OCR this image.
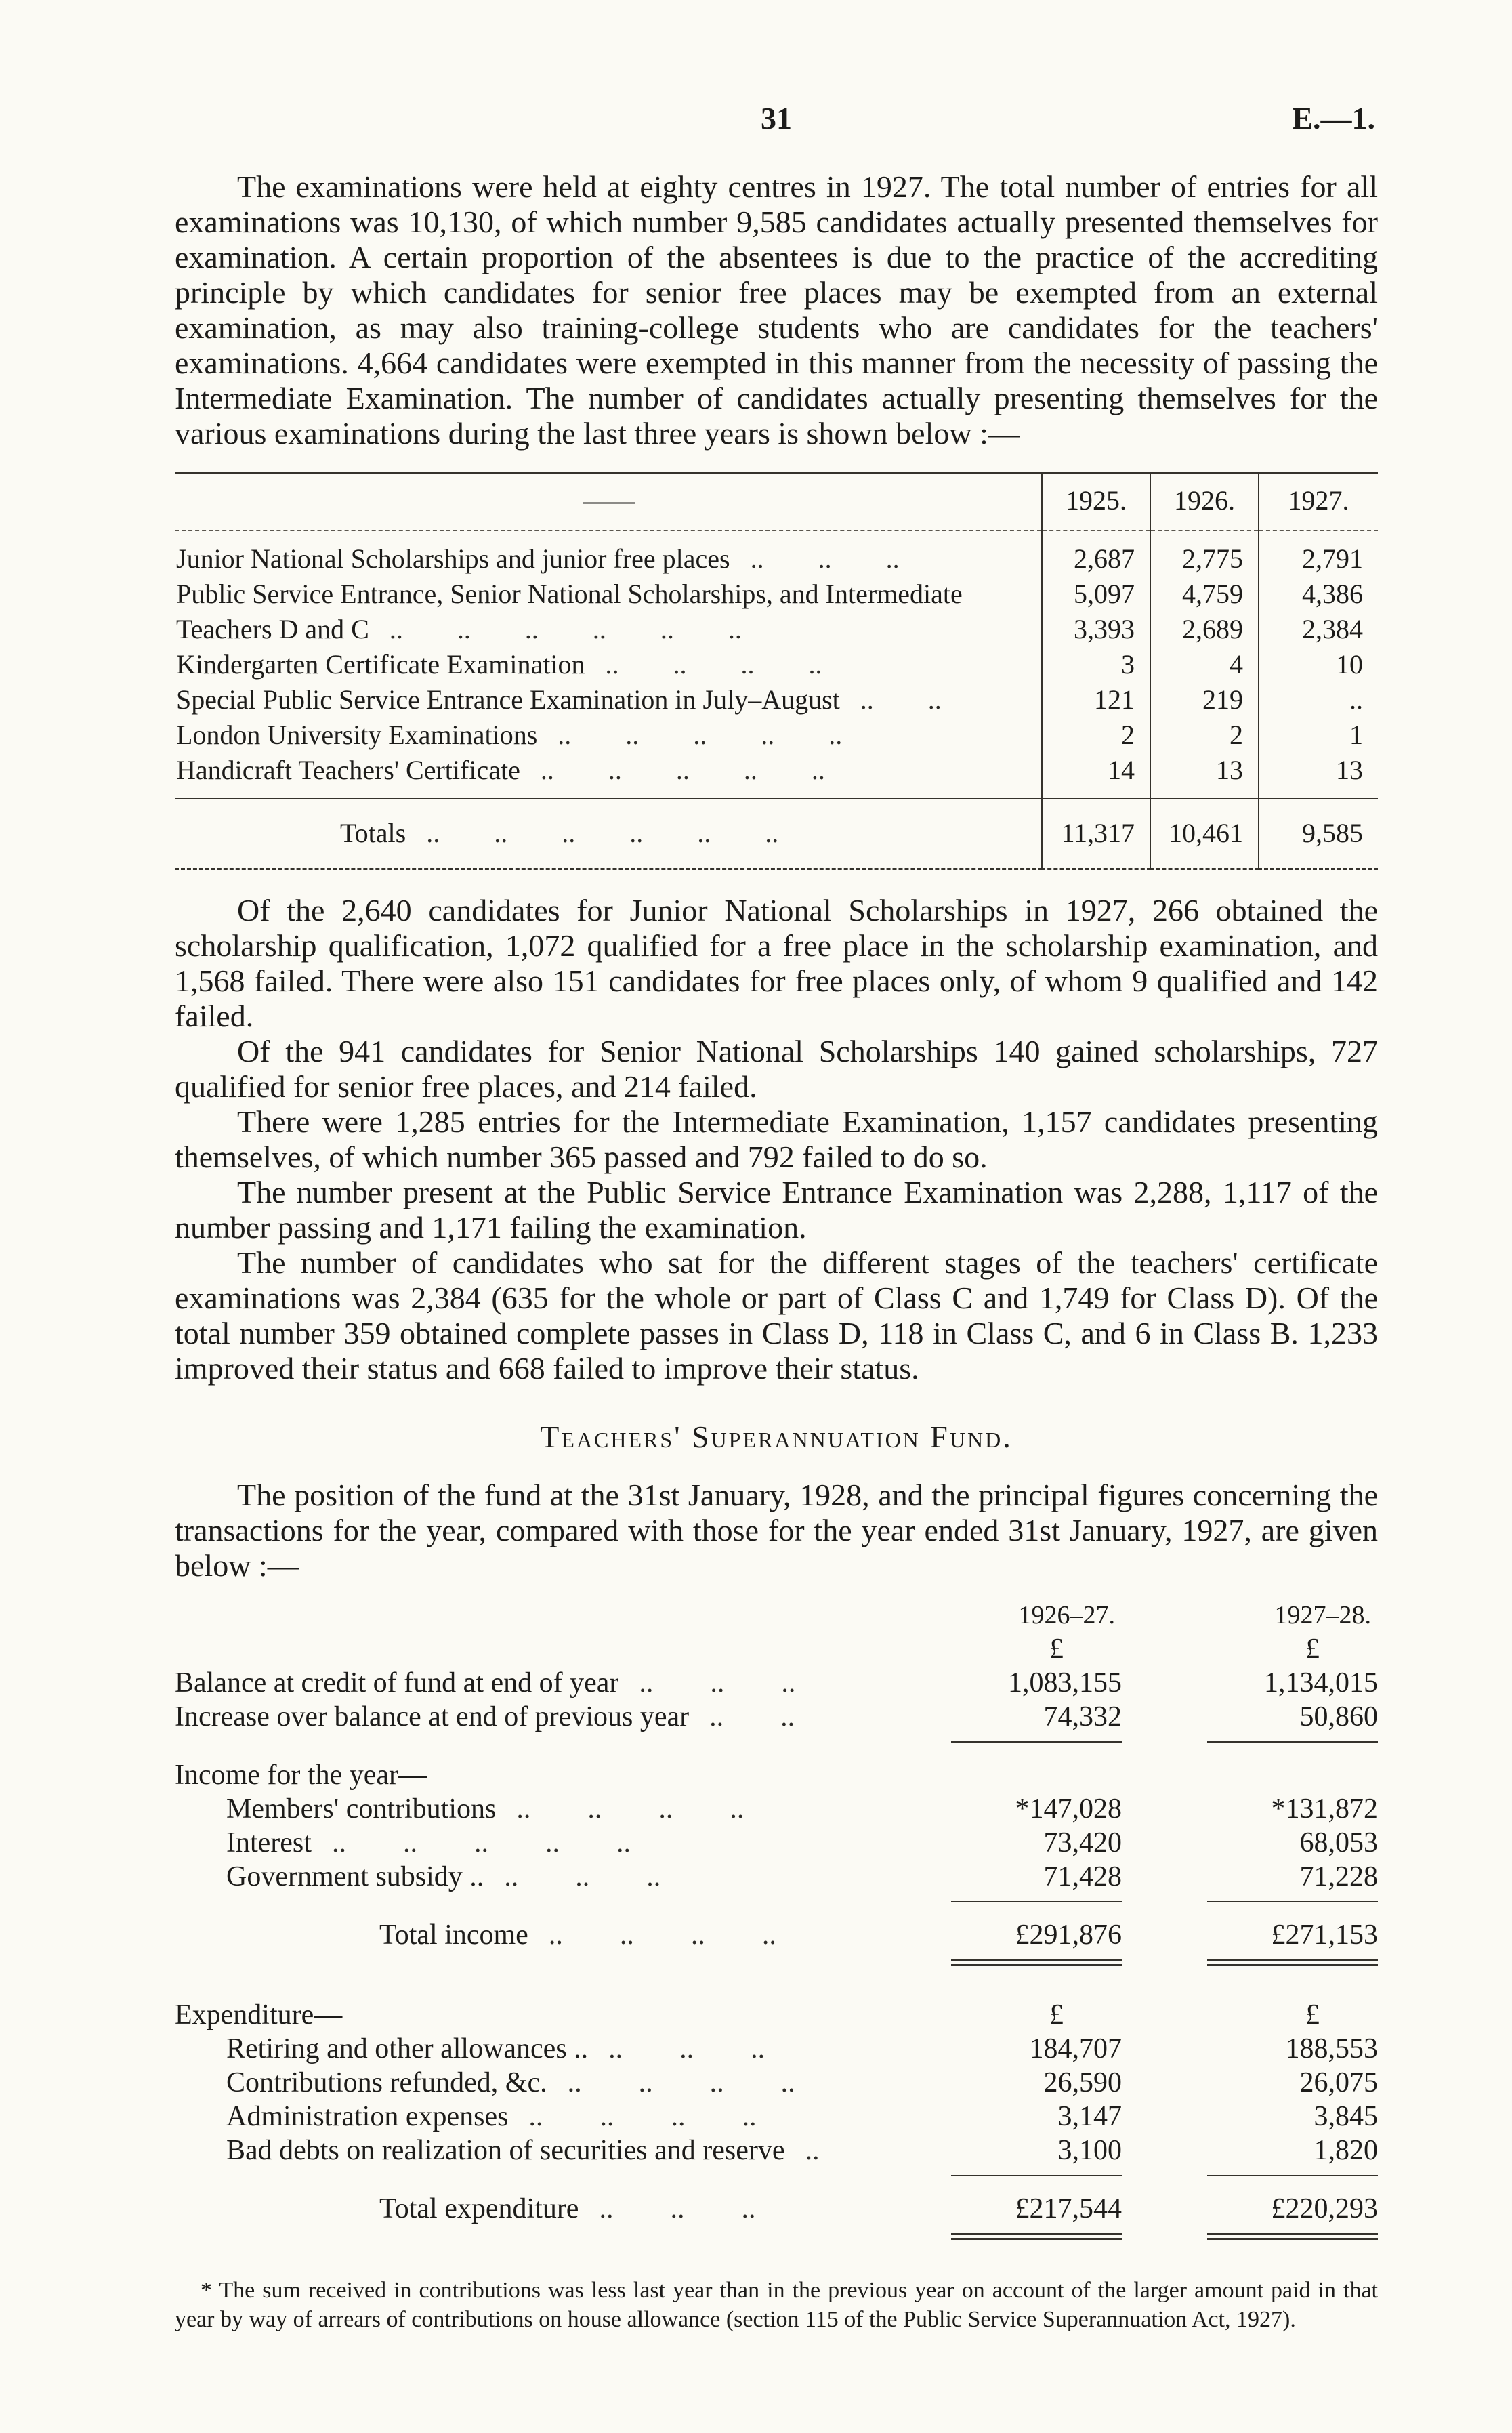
31	E.—1.

The examinations were held at eighty centres in 1927. The total number of entries for all examinations was 10,130, of which number 9,585 candidates actually presented themselves for examination. A certain proportion of the absentees is due to the practice of the accrediting principle by which candidates for senior free places may be exempted from an external examination, as may also training-college students who are candidates for the teachers' examinations. 4,664 candidates were exempted in this manner from the necessity of passing the Intermediate Examination. The number of candidates actually presenting themselves for the various examinations during the last three years is shown below :—

——	1925.	1926.	1927.
Junior National Scholarships and junior free places ..  ..  ..	2,687	2,775	2,791
Public Service Entrance, Senior National Scholarships, and Intermediate	5,097	4,759	4,386
Teachers D and C ..  ..  ..  ..  ..  ..	3,393	2,689	2,384
Kindergarten Certificate Examination ..  ..  ..  ..	3	4	10
Special Public Service Entrance Examination in July–August ..  ..	121	219	..
London University Examinations ..  ..  ..  ..  ..	2	2	1
Handicraft Teachers' Certificate ..  ..  ..  ..  ..	14	13	13
Totals ..  ..  ..  ..  ..  ..	11,317	10,461	9,585

Of the 2,640 candidates for Junior National Scholarships in 1927, 266 obtained the scholarship qualification, 1,072 qualified for a free place in the scholarship examination, and 1,568 failed. There were also 151 candidates for free places only, of whom 9 qualified and 142 failed.

Of the 941 candidates for Senior National Scholarships 140 gained scholarships, 727 qualified for senior free places, and 214 failed.

There were 1,285 entries for the Intermediate Examination, 1,157 candidates presenting themselves, of which number 365 passed and 792 failed to do so.

The number present at the Public Service Entrance Examination was 2,288, 1,117 of the number passing and 1,171 failing the examination.

The number of candidates who sat for the different stages of the teachers' certificate examinations was 2,384 (635 for the whole or part of Class C and 1,749 for Class D). Of the total number 359 obtained complete passes in Class D, 118 in Class C, and 6 in Class B. 1,233 improved their status and 668 failed to improve their status.

Teachers' Superannuation Fund.

The position of the fund at the 31st January, 1928, and the principal figures concerning the transactions for the year, compared with those for the year ended 31st January, 1927, are given below :—

1926–27.	1927–28.
£	£
Balance at credit of fund at end of year ..  ..  ..	1,083,155	1,134,015
Increase over balance at end of previous year ..  ..	74,332	50,860
Income for the year—
Members' contributions ..  ..  ..  ..	*147,028	*131,872
Interest ..  ..  ..  ..  ..	73,420	68,053
Government subsidy .. ..  ..  ..	71,428	71,228
Total income ..  ..  ..  ..	£291,876	£271,153
Expenditure—	£	£
Retiring and other allowances .. ..  ..  ..	184,707	188,553
Contributions refunded, &c. ..  ..  ..  ..	26,590	26,075
Administration expenses ..  ..  ..  ..	3,147	3,845
Bad debts on realization of securities and reserve ..	3,100	1,820
Total expenditure ..  ..  ..	£217,544	£220,293

* The sum received in contributions was less last year than in the previous year on account of the larger amount paid in that year by way of arrears of contributions on house allowance (section 115 of the Public Service Superannuation Act, 1927).
